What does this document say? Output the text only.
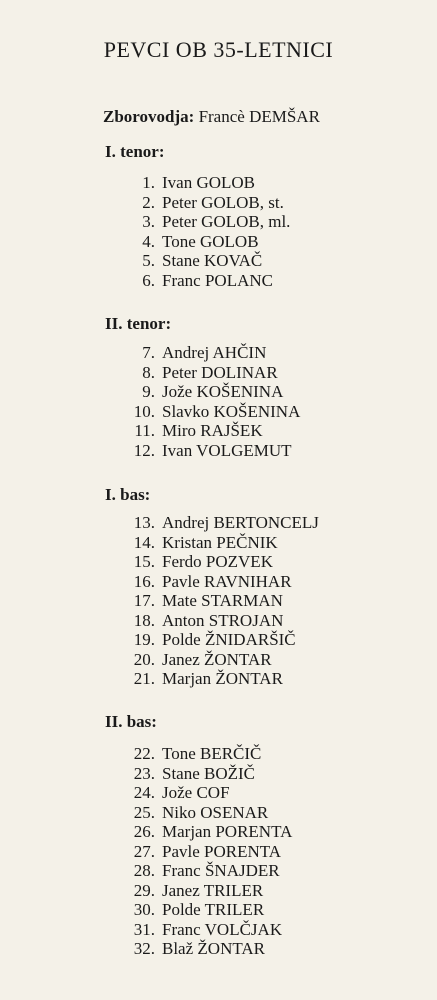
PEVCI OB 35-LETNICI
Zborovodja: Francè DEMŠAR
I. tenor:
1. Ivan GOLOB
2. Peter GOLOB, st.
3. Peter GOLOB, ml.
4. Tone GOLOB
5. Stane KOVAČ
6. Franc POLANC
II. tenor:
7. Andrej AHČIN
8. Peter DOLINAR
9. Jože KOŠENINA
10. Slavko KOŠENINA
11. Miro RAJŠEK
12. Ivan VOLGEMUT
I. bas:
13. Andrej BERTONCELJ
14. Kristan PEČNIK
15. Ferdo POZVEK
16. Pavle RAVNIHAR
17. Mate STARMAN
18. Anton STROJAN
19. Polde ŽNIDARŠIČ
20. Janez ŽONTAR
21. Marjan ŽONTAR
II. bas:
22. Tone BERČIČ
23. Stane BOŽIČ
24. Jože COF
25. Niko OSENAR
26. Marjan PORENTA
27. Pavle PORENTA
28. Franc ŠNAJDER
29. Janez TRILER
30. Polde TRILER
31. Franc VOLČJAK
32. Blaž ŽONTAR
